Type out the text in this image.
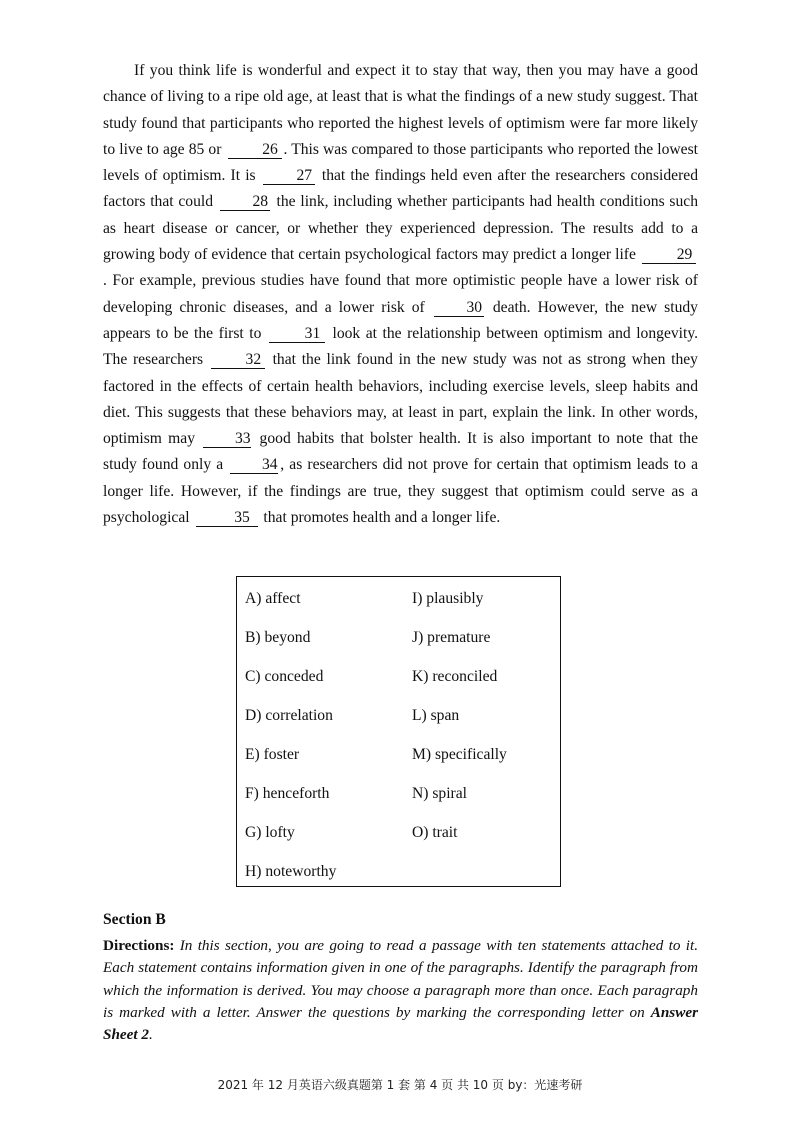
If you think life is wonderful and expect it to stay that way, then you may have a good chance of living to a ripe old age, at least that is what the findings of a new study suggest. That study found that participants who reported the highest levels of optimism were far more likely to live to age 85 or 26 . This was compared to those participants who reported the lowest levels of optimism. It is 27 that the findings held even after the researchers considered factors that could 28 the link, including whether participants had health conditions such as heart disease or cancer, or whether they experienced depression. The results add to a growing body of evidence that certain psychological factors may predict a longer life 29. For example, previous studies have found that more optimistic people have a lower risk of developing chronic diseases, and a lower risk of 30 death. However, the new study appears to be the first to 31 look at the relationship between optimism and longevity. The researchers 32 that the link found in the new study was not as strong when they factored in the effects of certain health behaviors, including exercise levels, sleep habits and diet. This suggests that these behaviors may, at least in part, explain the link. In other words, optimism may 33 good habits that bolster health. It is also important to note that the study found only a 34 , as researchers did not prove for certain that optimism leads to a longer life. However, if the findings are true, they suggest that optimism could serve as a psychological	35 that promotes health and a longer life.

A) affect
B) beyond
C) conceded
D) correlation
E) foster
F) henceforth
G) lofty
H) noteworthy
I) plausibly
J) premature
K) reconciled
L) span
M) specifically
N) spiral
O) trait
Section B
Directions: In this section, you are going to read a passage with ten statements attached to it. Each statement contains information given in one of the paragraphs. Identify the paragraph from which the information is derived. You may choose a paragraph more than once. Each paragraph is marked with a letter. Answer the questions by marking the corresponding letter on Answer Sheet 2.
2021 年 12 月英语六级真题第 1 套 第 4 页 共 10 页 by：光速考研
